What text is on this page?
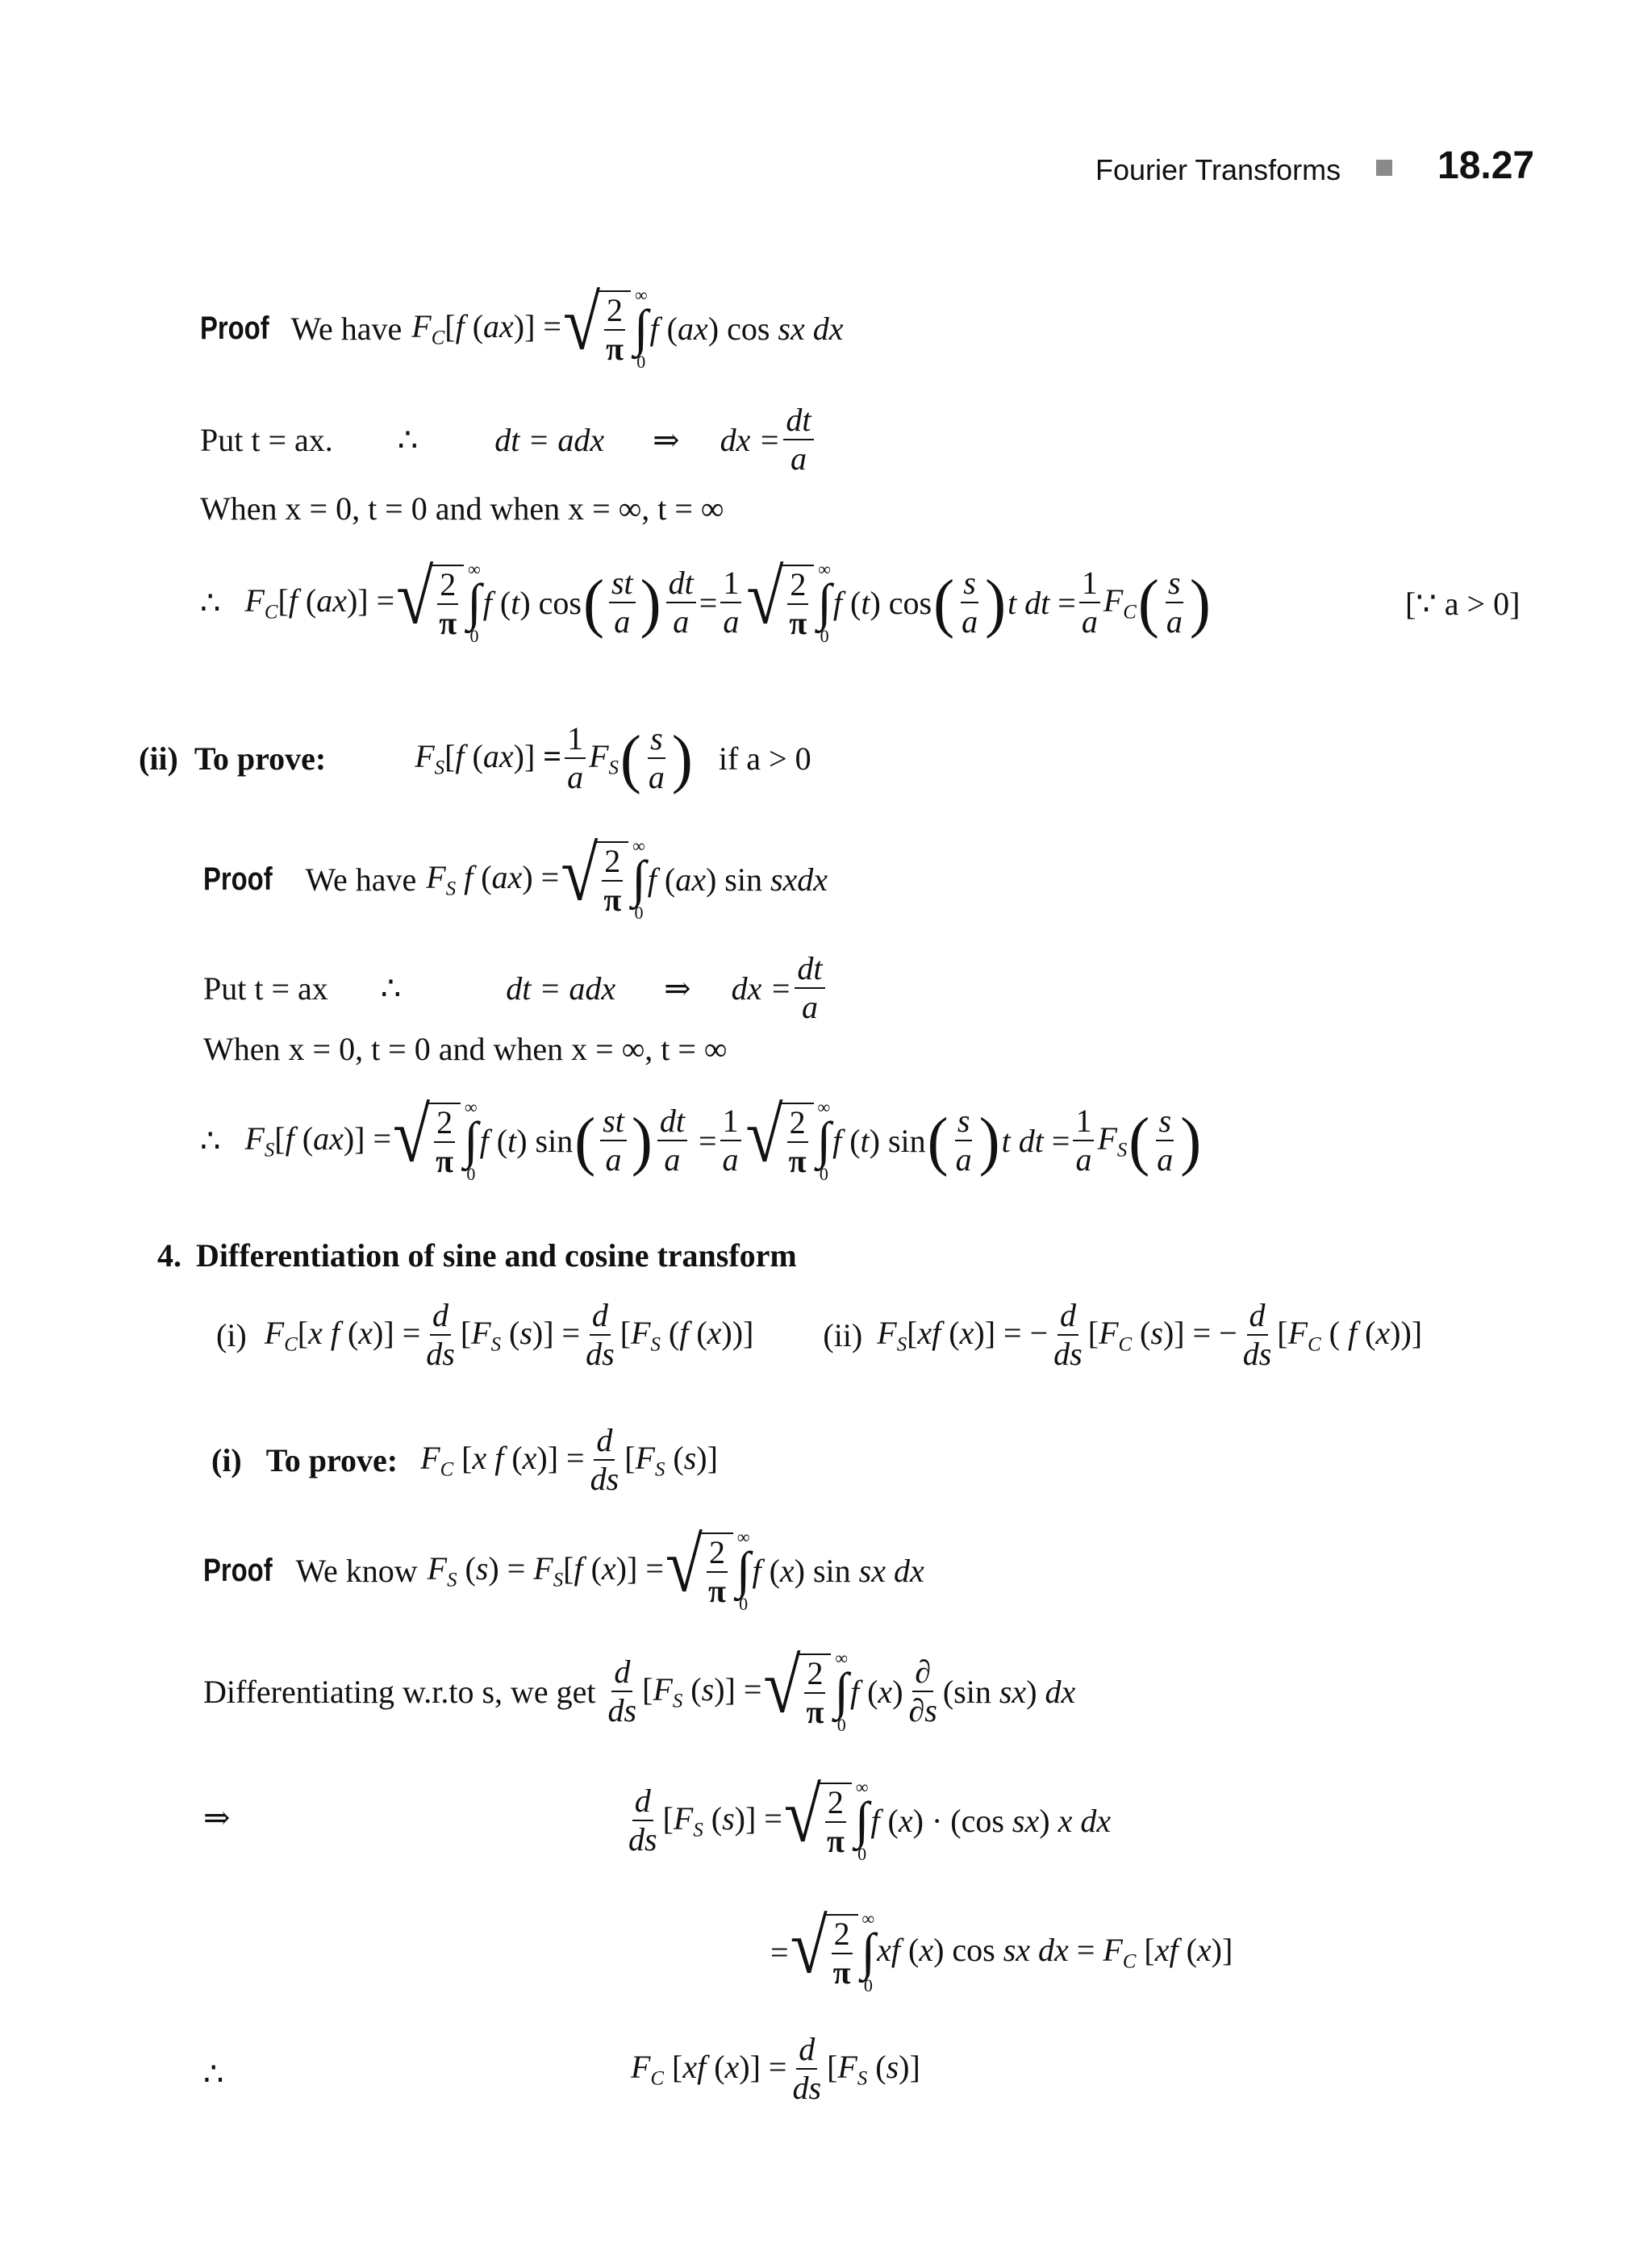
Fourier Transforms 18.27
Proof We have $F_C[f$ (ax)] = √ $\frac{2}{\pi}$ ∞
∫
0
f (ax) cos sx dx
Put t = ax. ∴ dt = adx ⇒ dx = $\frac{dt}{a}$
When x = 0, t = 0 and when x = ∞, t = ∞
∴ $F_C[f$ (ax)] = √ $\frac{2}{\pi}$ ∞
∫
0
f (t) cos ( $\frac{st}{a}$ ) $\frac{dt}{a} = \frac{1}{a}$ √ $\frac{2}{\pi}$ ∞
∫
0
f (t) cos ( $\frac{s}{a}$ ) t dt = $\frac{1}{a} F_C$ ( $\frac{s}{a}$ )	[∵ a > 0]
(ii) To prove:	$F_S[f$ $(ax)] = \frac{1}{a} F_S$ ( $\frac{s}{a}$ ) if a > 0
Proof We have $F_S$ f (ax) = √ $\frac{2}{\pi}$ ∞
∫
0
f (ax) sin sxdx
Put t = ax ∴	dt = adx ⇒ dx = $\frac{dt}{a}$
When x = 0, t = 0 and when x = ∞, t = ∞
∴ $F_S[f$ (ax)] = √ $\frac{2}{\pi}$ ∞
∫
0
f (t) sin ( $\frac{st}{a}$ ) $\frac{dt}{a} = \frac{1}{a}$ √ $\frac{2}{\pi}$ ∞
∫
0
f (t) sin ( $\frac{s}{a}$ ) t dt = $\frac{1}{a} F_S$ ( $\frac{s}{a}$ )
4. Differentiation of sine and cosine transform
(i) $F_C[x$ f $(x)] = \frac{d}{ds} [F_S$ $(s)] = \frac{d}{ds} [F_S$ (f (x))] (ii) $F_S[xf$ (x)] = − $\frac{d}{ds} [F_C$ (s)] = − $\frac{d}{ds} [F_C$ ( f (x))]
(i) To prove: $F_C$ [x f $(x)] = \frac{d}{ds} [F_S$ (s)]
Proof We know $F_S$ $(s) = F_S[f$ (x)] = √ $\frac{2}{\pi}$ ∞
∫
0
f (x) sin sx dx
Differentiating w.r.to s, we get $\frac{d}{ds} [F_S$ (s)] = √ $\frac{2}{\pi}$ ∞
∫
0
f $(x) \frac{\partial}{\partial s} (\sin$ sx) dx
⇒	$\frac{d}{ds} [F_S$ (s)] = √ $\frac{2}{\pi}$ ∞
∫
0
f (x) · (cos sx) x dx
= √ $\frac{2}{\pi}$ ∞
∫
0
xf (x) cos sx dx = $F_C$ [xf (x)]
∴	$F_C$ [xf $(x)] = \frac{d}{ds} [F_S$ (s)]
